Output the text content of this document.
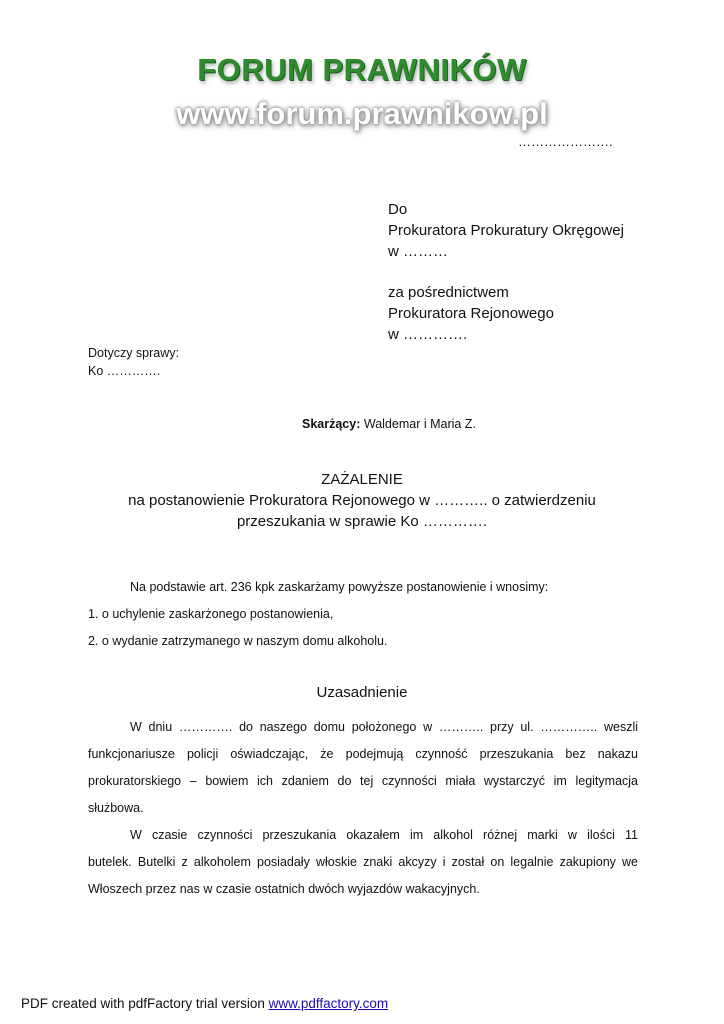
FORUM PRAWNIKÓW
www.forum.prawnikow.pl
………………….
Do
Prokuratora Prokuratury Okręgowej
w ………
za pośrednictwem
Prokuratora Rejonowego
w ………….
Dotyczy sprawy:
Ko ………….
Skarżący: Waldemar i Maria Z.
ZAŻALENIE
na postanowienie Prokuratora Rejonowego w ……….. o zatwierdzeniu
przeszukania w sprawie Ko ………….
Na podstawie art. 236 kpk zaskarżamy powyższe postanowienie i wnosimy:
1. o uchylenie zaskarżonego postanowienia,
2. o wydanie zatrzymanego w naszym domu alkoholu.
Uzasadnienie
W dniu …………. do naszego domu położonego w ……….. przy ul. ………….. weszli
funkcjonariusze policji oświadczając, że podejmują czynność przeszukania bez nakazu
prokuratorskiego – bowiem ich zdaniem do tej czynności miała wystarczyć im legitymacja
służbowa.
W czasie czynności przeszukania okazałem im alkohol różnej marki w ilości 11
butelek. Butelki z alkoholem posiadały włoskie znaki akcyzy i został on legalnie zakupiony we
Włoszech przez nas w czasie ostatnich dwóch wyjazdów wakacyjnych.
PDF created with pdfFactory trial version www.pdffactory.com
